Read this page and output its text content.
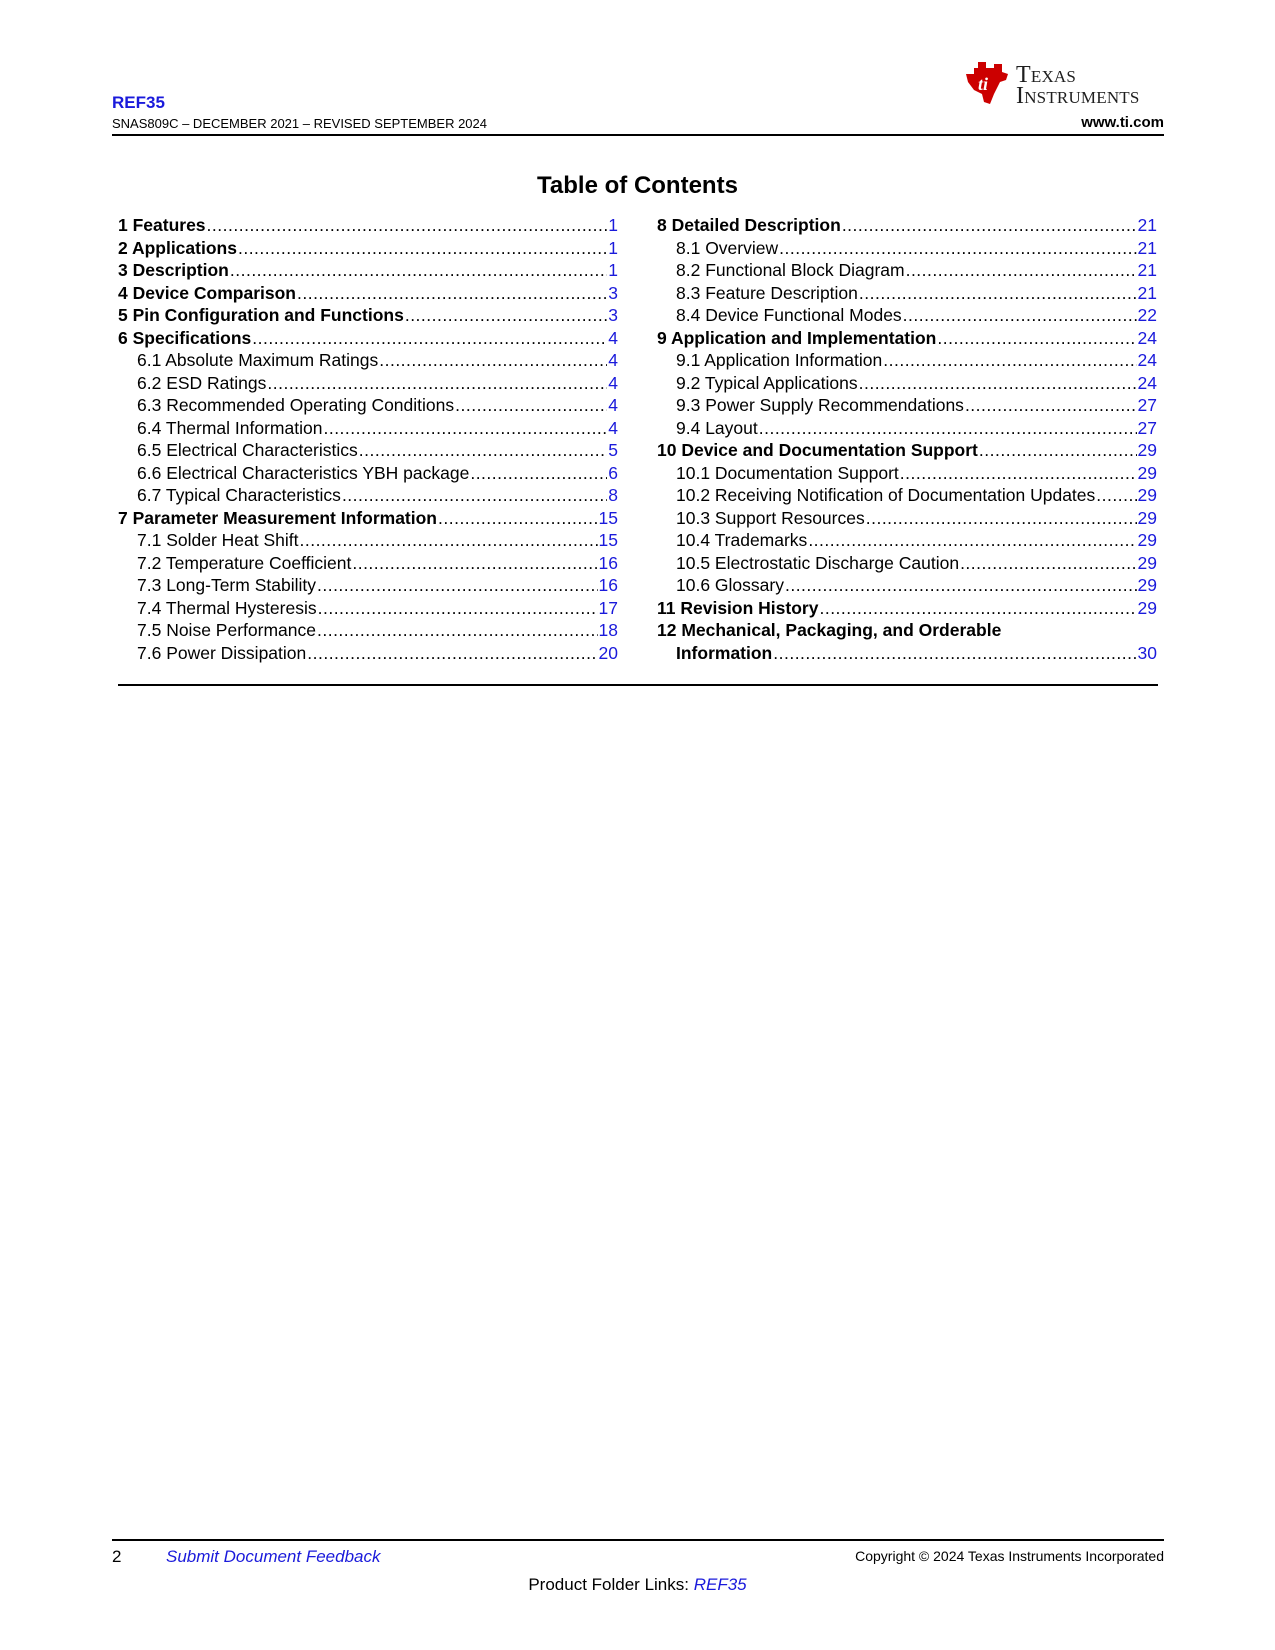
REF35
SNAS809C – DECEMBER 2021 – REVISED SEPTEMBER 2024
ti Texas
Instruments
www.ti.com
Table of Contents
1 Features .....	1
2 Applications .....	1
3 Description .....	1
4 Device Comparison .....	3
5 Pin Configuration and Functions .....	3
6 Specifications .....	4
6.1 Absolute Maximum Ratings .....	4
6.2 ESD Ratings .....	4
6.3 Recommended Operating Conditions .....	4
6.4 Thermal Information .....	4
6.5 Electrical Characteristics .....	5
6.6 Electrical Characteristics YBH package .....	6
6.7 Typical Characteristics .....	8
7 Parameter Measurement Information .....	15
7.1 Solder Heat Shift .....	15
7.2 Temperature Coefficient .....	16
7.3 Long-Term Stability .....	16
7.4 Thermal Hysteresis .....	17
7.5 Noise Performance .....	18
7.6 Power Dissipation .....	20
8 Detailed Description .....	21
8.1 Overview .....	21
8.2 Functional Block Diagram .....	21
8.3 Feature Description .....	21
8.4 Device Functional Modes .....	22
9 Application and Implementation .....	24
9.1 Application Information .....	24
9.2 Typical Applications .....	24
9.3 Power Supply Recommendations .....	27
9.4 Layout .....	27
10 Device and Documentation Support .....	29
10.1 Documentation Support .....	29
10.2 Receiving Notification of Documentation Updates ..... 29
10.3 Support Resources .....	29
10.4 Trademarks .....	29
10.5 Electrostatic Discharge Caution .....	29
10.6 Glossary .....	29
11 Revision History .....	29
12 Mechanical, Packaging, and Orderable
Information .....	30
2	Submit Document Feedback	Copyright © 2024 Texas Instruments Incorporated
Product Folder Links: REF35
